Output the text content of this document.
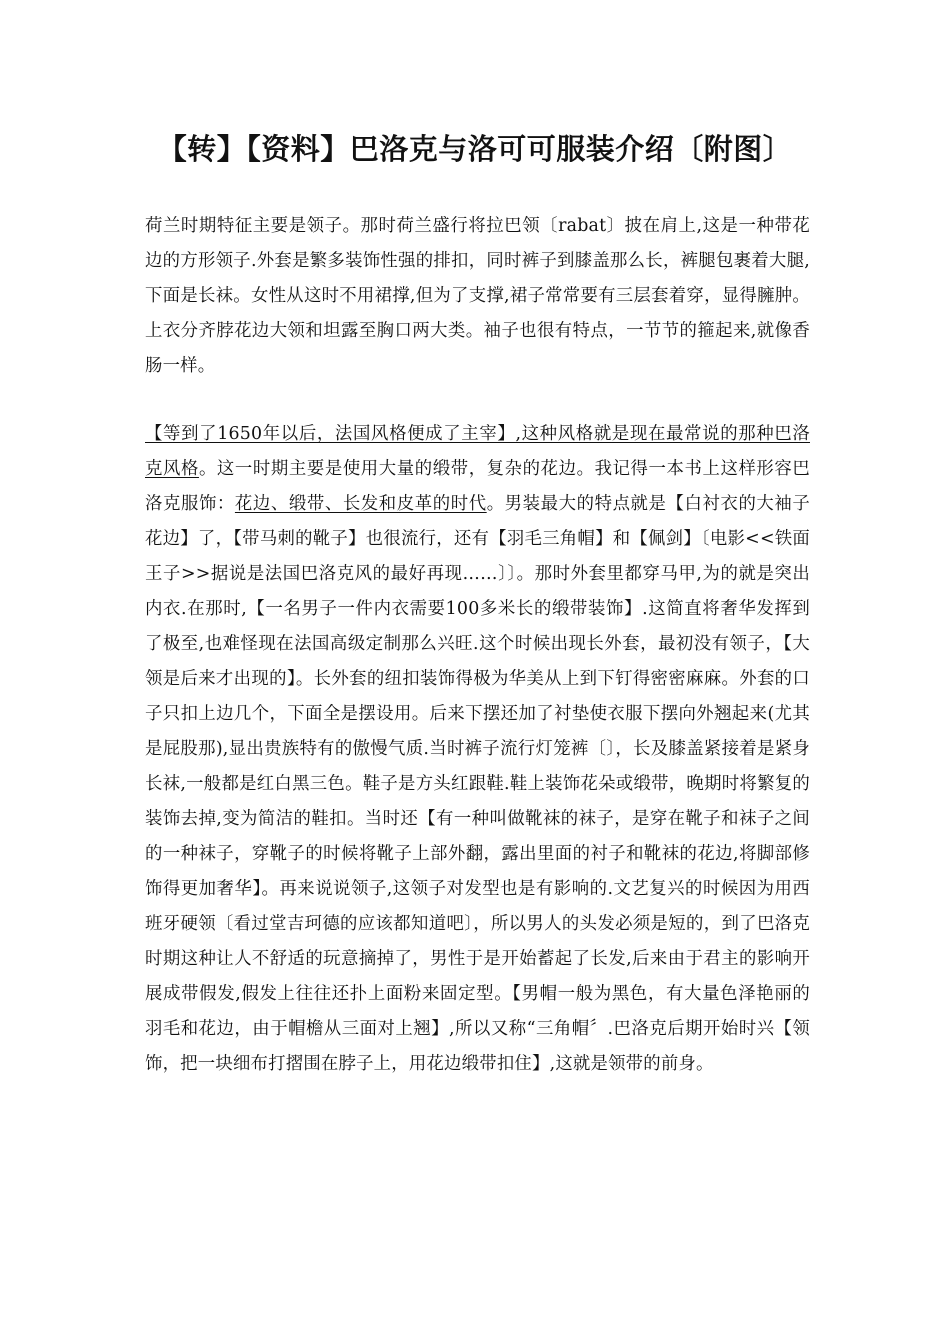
【转】【资料】巴洛克与洛可可服装介绍〔附图〕

荷兰时期特征主要是领子。那时荷兰盛行将拉巴领〔rabat〕披在肩上,这是一种带花边的方形领子.外套是繁多装饰性强的排扣，同时裤子到膝盖那么长，裤腿包裹着大腿,下面是长袜。女性从这时不用裙撑,但为了支撑,裙子常常要有三层套着穿，显得臃肿。上衣分齐脖花边大领和坦露至胸口两大类。袖子也很有特点，一节节的箍起来,就像香肠一样。

【等到了1650年以后，法国风格便成了主宰】,这种风格就是现在最常说的那种巴洛克风格。这一时期主要是使用大量的缎带，复杂的花边。我记得一本书上这样形容巴洛克服饰：花边、缎带、长发和皮革的时代。男装最大的特点就是【白衬衣的大袖子花边】了，【带马刺的靴子】也很流行，还有【羽毛三角帽】和【佩剑】〔电影<<铁面王子>>据说是法国巴洛克风的最好再现……〕〕。那时外套里都穿马甲,为的就是突出内衣.在那时,【一名男子一件内衣需要100多米长的缎带装饰】.这简直将奢华发挥到了极至,也难怪现在法国高级定制那么兴旺.这个时候出现长外套，最初没有领子，【大领是后来才出现的】。长外套的纽扣装饰得极为华美从上到下钉得密密麻麻。外套的口子只扣上边几个，下面全是摆设用。后来下摆还加了衬垫使衣服下摆向外翘起来(尤其是屁股那),显出贵族特有的傲慢气质.当时裤子流行灯笼裤〔〕，长及膝盖紧接着是紧身长袜,一般都是红白黑三色。鞋子是方头红跟鞋.鞋上装饰花朵或缎带，晚期时将繁复的装饰去掉,变为简洁的鞋扣。当时还【有一种叫做靴袜的袜子，是穿在靴子和袜子之间的一种袜子，穿靴子的时候将靴子上部外翻，露出里面的衬子和靴袜的花边,将脚部修饰得更加奢华】。再来说说领子,这领子对发型也是有影响的.文艺复兴的时候因为用西班牙硬领〔看过堂吉珂德的应该都知道吧〕，所以男人的头发必须是短的，到了巴洛克时期这种让人不舒适的玩意摘掉了，男性于是开始蓄起了长发,后来由于君主的影响开展成带假发,假发上往往还扑上面粉来固定型。【男帽一般为黑色，有大量色泽艳丽的羽毛和花边，由于帽檐从三面对上翘】,所以又称“三角帽〞.巴洛克后期开始时兴【领饰，把一块细布打摺围在脖子上，用花边缎带扣住】,这就是领带的前身。
